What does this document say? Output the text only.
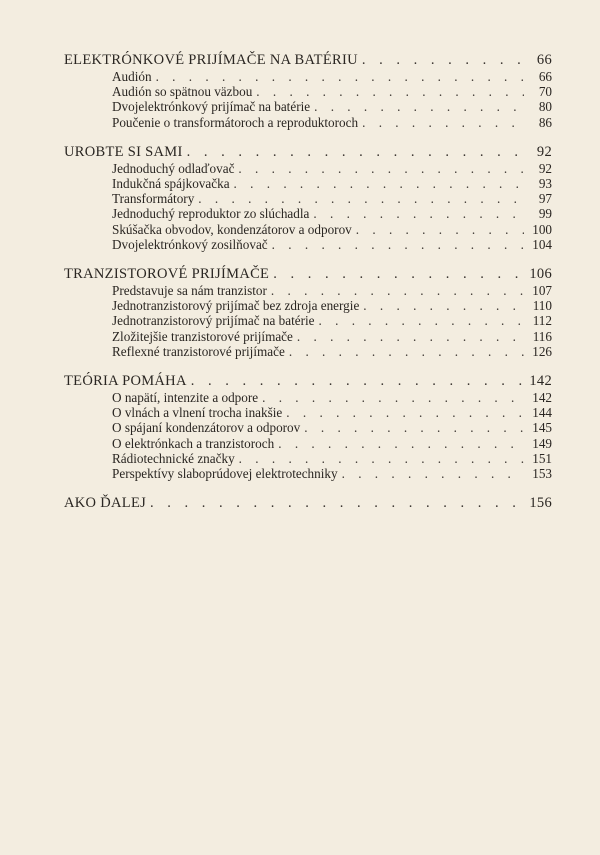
ELEKTRÓNKOVÉ PRIJÍMAČE NA BATÉRIU . . .	66
Audión . . .	66
Audión so spätnou väzbou . . .	70
Dvojelektrónkový prijímač na batérie . . .	80
Poučenie o transformátoroch a reproduktoroch . . .	86
UROBTE SI SAMI . . .	92
Jednoduchý odlaďovač . . .	92
Indukčná spájkovačka . . .	93
Transformátory . . .	97
Jednoduchý reproduktor zo slúchadla . . .	99
Skúšačka obvodov, kondenzátorov a odporov . . .	100
Dvojelektrónkový zosilňovač . . .	104
TRANZISTOROVÉ PRIJÍMAČE . . .	106
Predstavuje sa nám tranzistor . . .	107
Jednotranzistorový prijímač bez zdroja energie . . .	110
Jednotranzistorový prijímač na batérie . . .	112
Zložitejšie tranzistorové prijímače . . .	116
Reflexné tranzistorové prijímače . . .	126
TEÓRIA POMÁHA . . .	142
O napätí, intenzite a odpore . . .	142
O vlnách a vlnení trocha inakšie . . .	144
O spájaní kondenzátorov a odporov . . .	145
O elektrónkach a tranzistoroch . . .	149
Rádiotechnické značky . . .	151
Perspektívy slaboprúdovej elektrotechniky . . .	153
AKO ĎALEJ . . .	156
